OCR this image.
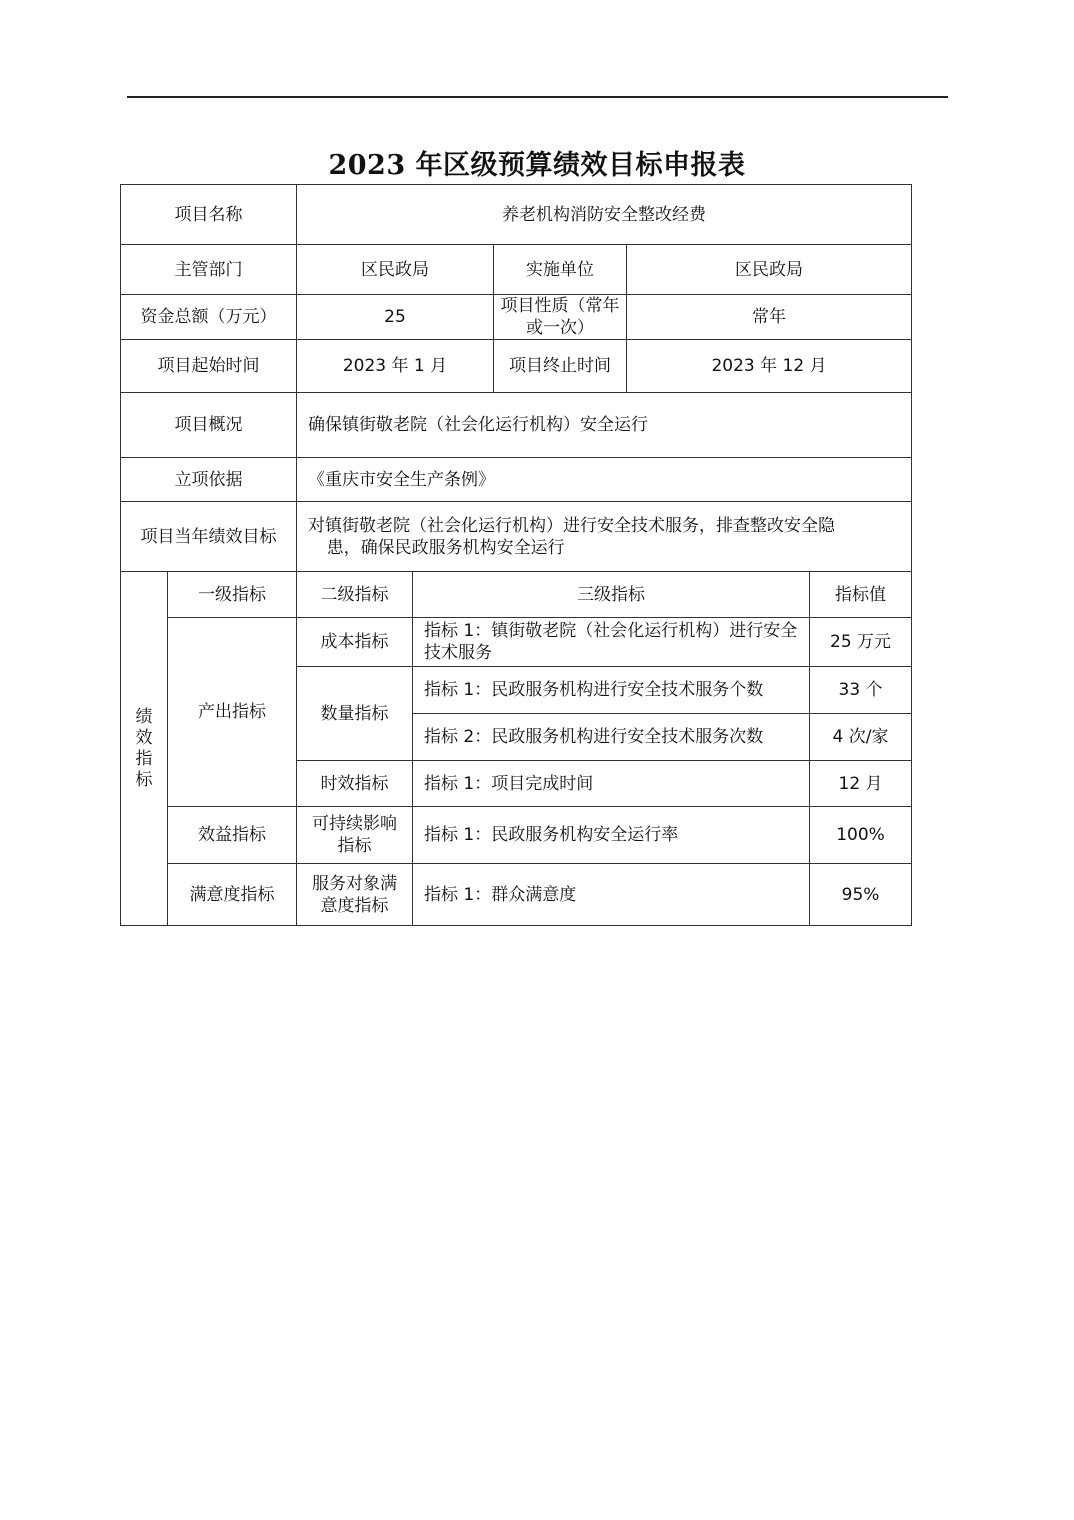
2023 年区级预算绩效目标申报表
项目名称		养老机构消防安全整改经费				
主管部门		区民政局		实施单位	区民政局	
资金总额（万元）		25		项目性质（常年或一次）	常年	
项目起始时间		2023 年 1 月		项目终止时间	2023 年 12 月	
项目概况		确保镇街敬老院（社会化运行机构）安全运行				
立项依据		《重庆市安全生产条例》				
项目当年绩效目标		对镇街敬老院（社会化运行机构）进行安全技术服务，排查整改安全隐

患，确保民政服务机构安全运行				

绩效指标	一级指标	二级指标	三级指标			指标值
	产出指标	成本指标	指标 1：镇街敬老院（社会化运行机构）进行安全技术服务			25 万元
		数量指标	指标 1：民政服务机构进行安全技术服务个数			33 个
			指标 2：民政服务机构进行安全技术服务次数			4 次/家
		时效指标	指标 1：项目完成时间			12 月
	效益指标	可持续影响指标	指标 1：民政服务机构安全运行率			100%
	满意度指标	服务对象满意度指标	指标 1：群众满意度			95%
